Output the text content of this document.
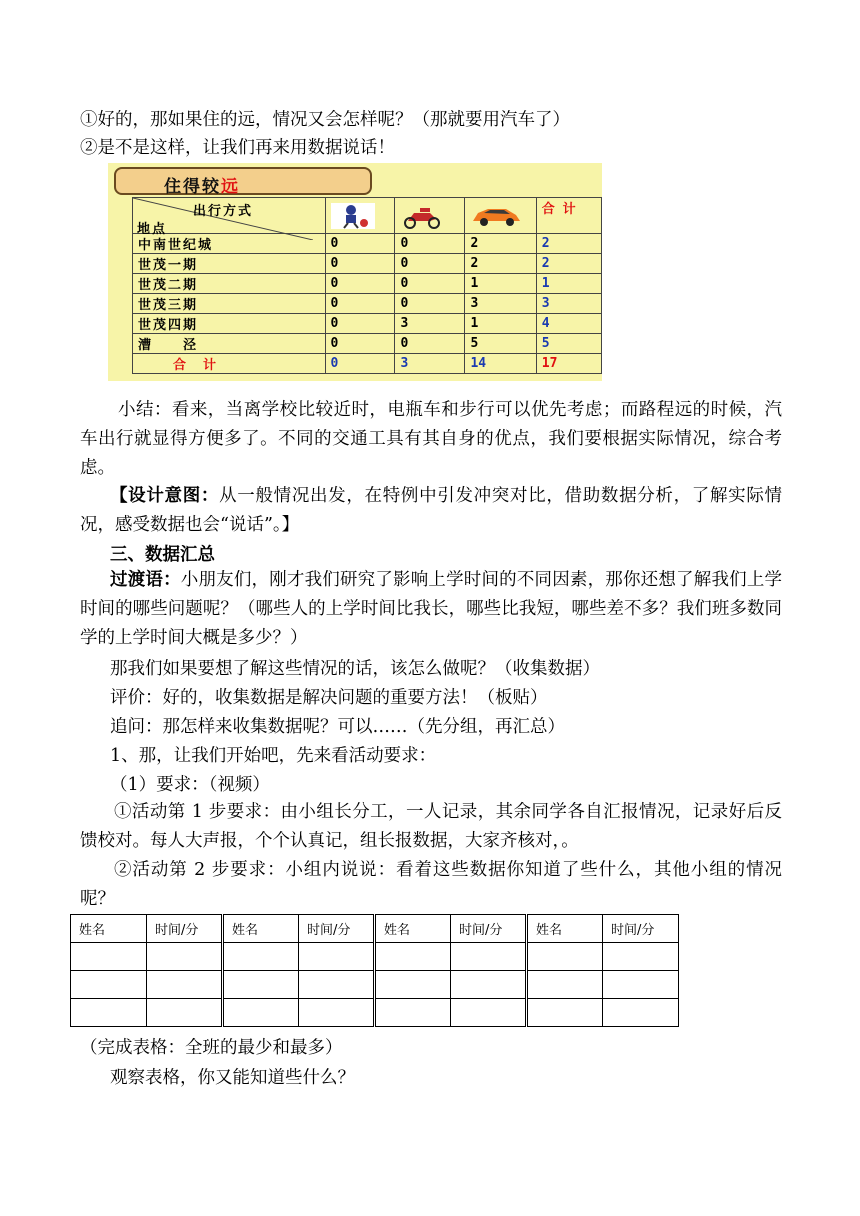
①好的，那如果住的远，情况又会怎样呢？（那就要用汽车了）
②是不是这样，让我们再来用数据说话！
住得较远
出行方式
地点				合 计
中南世纪城	0	0	2	2
世茂一期	0	0	2	2
世茂二期	0	0	1	1
世茂三期	0	0	3	3
世茂四期	0	3	1	4
漕　　泾	0	0	5	5
合　计	0	3	14	17
小结：看来，当离学校比较近时，电瓶车和步行可以优先考虑；而路程远的时候，汽车出行就显得方便多了。不同的交通工具有其自身的优点，我们要根据实际情况，综合考虑。
【设计意图：从一般情况出发，在特例中引发冲突对比，借助数据分析，了解实际情况，感受数据也会“说话”。】
三、数据汇总
过渡语：小朋友们，刚才我们研究了影响上学时间的不同因素，那你还想了解我们上学时间的哪些问题呢？（哪些人的上学时间比我长，哪些比我短，哪些差不多？我们班多数同学的上学时间大概是多少？）
那我们如果要想了解这些情况的话，该怎么做呢？（收集数据）
评价：好的，收集数据是解决问题的重要方法！（板贴）
追问：那怎样来收集数据呢？可以……（先分组，再汇总）
1、那，让我们开始吧，先来看活动要求：
（1）要求：（视频）
①活动第 1 步要求：由小组长分工，一人记录，其余同学各自汇报情况，记录好后反馈校对。每人大声报，个个认真记，组长报数据，大家齐核对，。
②活动第 2 步要求：小组内说说：看着这些数据你知道了些什么，其他小组的情况呢？
姓名	时间/分	姓名	时间/分	姓名	时间/分	姓名	时间/分

（完成表格：全班的最少和最多）
观察表格，你又能知道些什么？
